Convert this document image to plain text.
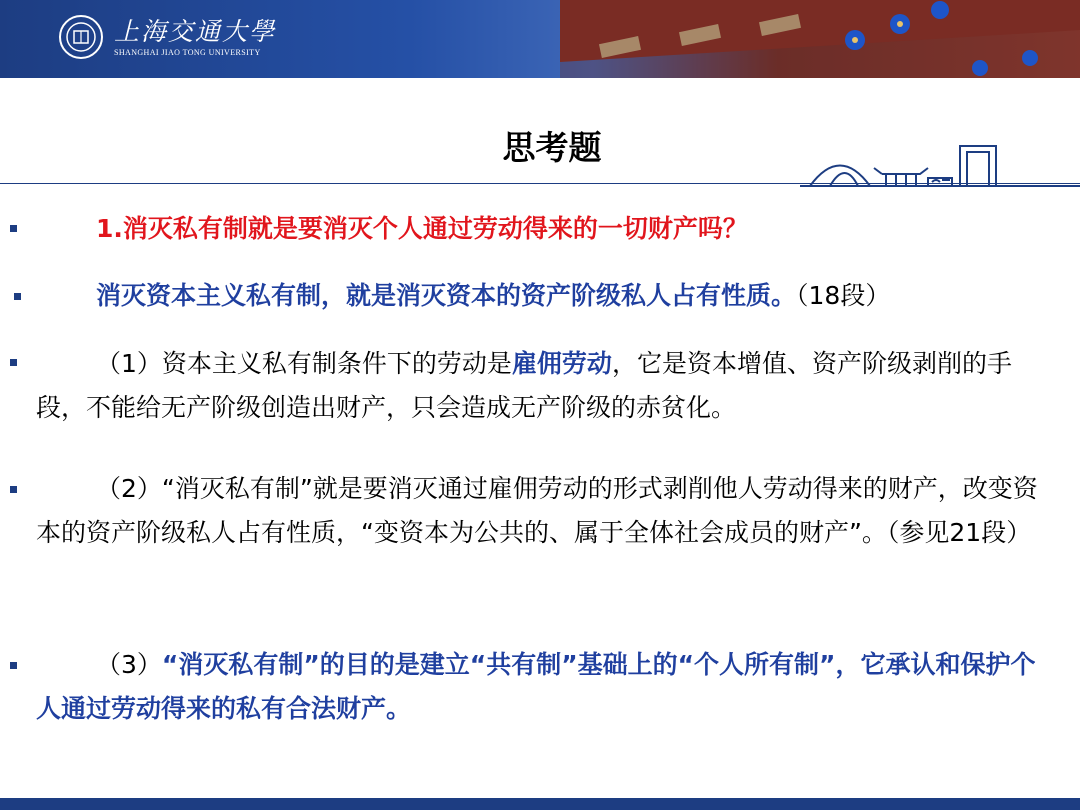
上海交通大學
SHANGHAI JIAO TONG UNIVERSITY
思考题
1.消灭私有制就是要消灭个人通过劳动得来的一切财产吗？
消灭资本主义私有制，就是消灭资本的资产阶级私人占有性质。（18段）
（1）资本主义私有制条件下的劳动是雇佣劳动，它是资本增值、资产阶级剥削的手段，不能给无产阶级创造出财产，只会造成无产阶级的赤贫化。
（2）“消灭私有制”就是要消灭通过雇佣劳动的形式剥削他人劳动得来的财产，改变资本的资产阶级私人占有性质，“变资本为公共的、属于全体社会成员的财产”。（参见21段）
（3）“消灭私有制”的目的是建立“共有制”基础上的“个人所有制”，它承认和保护个人通过劳动得来的私有合法财产。
